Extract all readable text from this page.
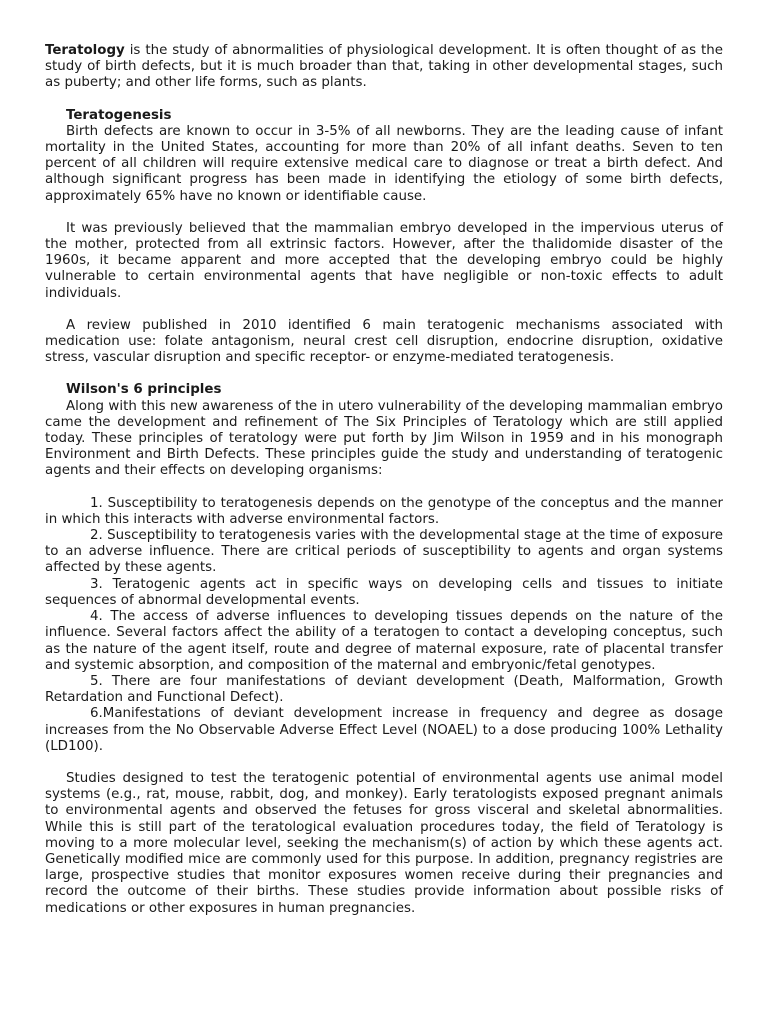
Teratology is the study of abnormalities of physiological development. It is often thought of as the study of birth defects, but it is much broader than that, taking in other developmental stages, such as puberty; and other life forms, such as plants.

Teratogenesis

Birth defects are known to occur in 3-5% of all newborns. They are the leading cause of infant mortality in the United States, accounting for more than 20% of all infant deaths. Seven to ten percent of all children will require extensive medical care to diagnose or treat a birth defect. And although significant progress has been made in identifying the etiology of some birth defects, approximately 65% have no known or identifiable cause.

It was previously believed that the mammalian embryo developed in the impervious uterus of the mother, protected from all extrinsic factors. However, after the thalidomide disaster of the 1960s, it became apparent and more accepted that the developing embryo could be highly vulnerable to certain environmental agents that have negligible or non-toxic effects to adult individuals.

A review published in 2010 identified 6 main teratogenic mechanisms associated with medication use: folate antagonism, neural crest cell disruption, endocrine disruption, oxidative stress, vascular disruption and specific receptor- or enzyme-mediated teratogenesis.

Wilson's 6 principles

Along with this new awareness of the in utero vulnerability of the developing mammalian embryo came the development and refinement of The Six Principles of Teratology which are still applied today. These principles of teratology were put forth by Jim Wilson in 1959 and in his monograph Environment and Birth Defects. These principles guide the study and understanding of teratogenic agents and their effects on developing organisms:

1. Susceptibility to teratogenesis depends on the genotype of the conceptus and the manner in which this interacts with adverse environmental factors.

2. Susceptibility to teratogenesis varies with the developmental stage at the time of exposure to an adverse influence. There are critical periods of susceptibility to agents and organ systems affected by these agents.

3. Teratogenic agents act in specific ways on developing cells and tissues to initiate sequences of abnormal developmental events.

4. The access of adverse influences to developing tissues depends on the nature of the influence. Several factors affect the ability of a teratogen to contact a developing conceptus, such as the nature of the agent itself, route and degree of maternal exposure, rate of placental transfer and systemic absorption, and composition of the maternal and embryonic/fetal genotypes.

5. There are four manifestations of deviant development (Death, Malformation, Growth Retardation and Functional Defect).

6.Manifestations of deviant development increase in frequency and degree as dosage increases from the No Observable Adverse Effect Level (NOAEL) to a dose producing 100% Lethality (LD100).

Studies designed to test the teratogenic potential of environmental agents use animal model systems (e.g., rat, mouse, rabbit, dog, and monkey). Early teratologists exposed pregnant animals to environmental agents and observed the fetuses for gross visceral and skeletal abnormalities. While this is still part of the teratological evaluation procedures today, the field of Teratology is moving to a more molecular level, seeking the mechanism(s) of action by which these agents act. Genetically modified mice are commonly used for this purpose. In addition, pregnancy registries are large, prospective studies that monitor exposures women receive during their pregnancies and record the outcome of their births. These studies provide information about possible risks of medications or other exposures in human pregnancies.
